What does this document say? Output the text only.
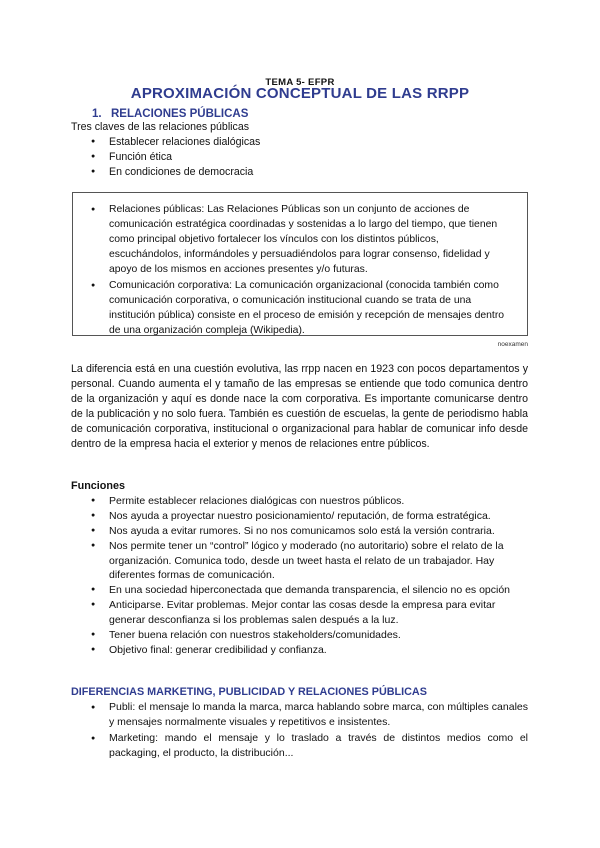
TEMA 5- EFPR
APROXIMACIÓN CONCEPTUAL DE LAS RRPP
1. RELACIONES PÚBLICAS
Tres claves de las relaciones públicas
● Establecer relaciones dialógicas
● Función ética
● En condiciones de democracia
● Relaciones públicas: Las Relaciones Públicas son un conjunto de acciones de comunicación estratégica coordinadas y sostenidas a lo largo del tiempo, que tienen como principal objetivo fortalecer los vínculos con los distintos públicos, escuchándolos, informándoles y persuadiéndolos para lograr consenso, fidelidad y apoyo de los mismos en acciones presentes y/o futuras.
● Comunicación corporativa: La comunicación organizacional (conocida también como comunicación corporativa, o comunicación institucional cuando se trata de una institución pública) consiste en el proceso de emisión y recepción de mensajes dentro de una organización compleja (Wikipedia).
noexamen
La diferencia está en una cuestión evolutiva, las rrpp nacen en 1923 con pocos departamentos y personal. Cuando aumenta el y tamaño de las empresas se entiende que todo comunica dentro de la organización y aquí es donde nace la com corporativa. Es importante comunicarse dentro de la publicación y no solo fuera. También es cuestión de escuelas, la gente de periodismo habla de comunicación corporativa, institucional o organizacional para hablar de comunicar info desde dentro de la empresa hacia el exterior y menos de relaciones entre públicos.
Funciones
● Permite establecer relaciones dialógicas con nuestros públicos.
● Nos ayuda a proyectar nuestro posicionamiento/ reputación, de forma estratégica.
● Nos ayuda a evitar rumores. Si no nos comunicamos solo está la versión contraria.
● Nos permite tener un “control” lógico y moderado (no autoritario) sobre el relato de la organización. Comunica todo, desde un tweet hasta el relato de un trabajador. Hay diferentes formas de comunicación.
● En una sociedad hiperconectada que demanda transparencia, el silencio no es opción
● Anticiparse. Evitar problemas. Mejor contar las cosas desde la empresa para evitar generar desconfianza si los problemas salen después a la luz.
● Tener buena relación con nuestros stakeholders/comunidades.
● Objetivo final: generar credibilidad y confianza.
DIFERENCIAS MARKETING, PUBLICIDAD Y RELACIONES PÚBLICAS
● Publi: el mensaje lo manda la marca, marca hablando sobre marca, con múltiples canales y mensajes normalmente visuales y repetitivos e insistentes.
● Marketing: mando el mensaje y lo traslado a través de distintos medios como el packaging, el producto, la distribución...
